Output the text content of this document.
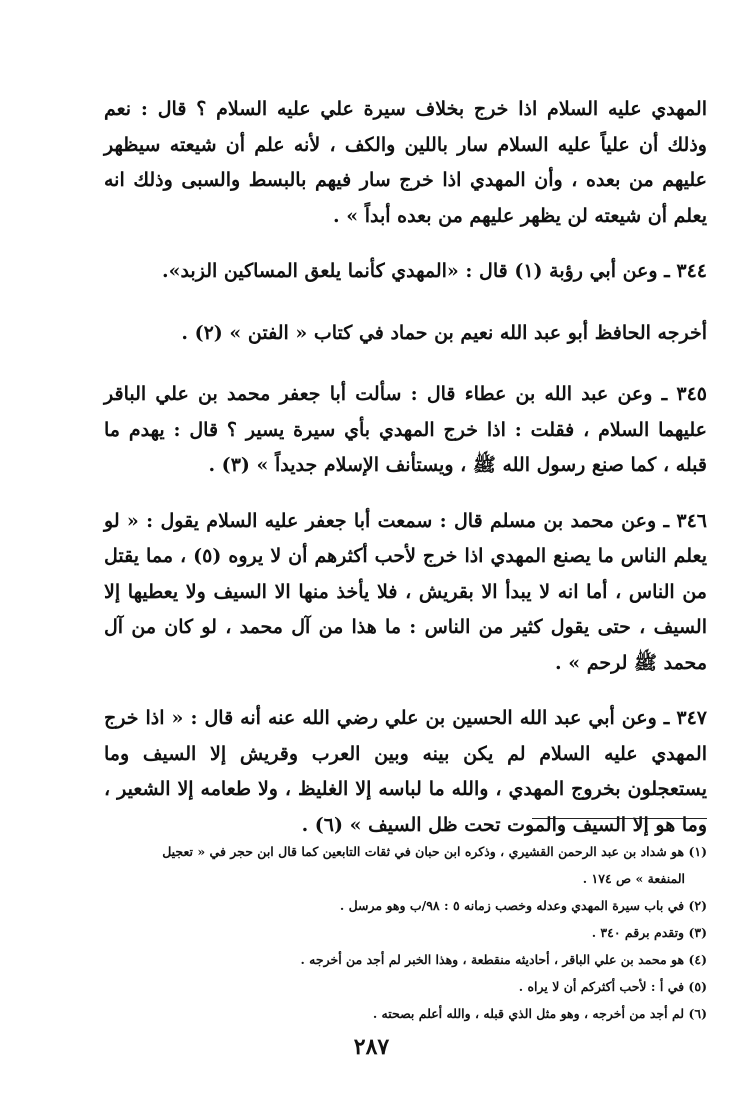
المهدي عليه السلام اذا خرج بخلاف سيرة علي عليه السلام ؟ قال : نعم وذلك أن علياً عليه السلام سار باللين والكف ، لأنه علم أن شيعته سيظهر عليهم من بعده ، وأن المهدي اذا خرج سار فيهم بالبسط والسبى وذلك انه يعلم أن شيعته لن يظهر عليهم من بعده أبداً » .

٣٤٤ ـ وعن أبي رؤبة (١) قال : «المهدي كأنما يلعق المساكين الزبد».

أخرجه الحافظ أبو عبد الله نعيم بن حماد في كتاب « الفتن » (٢) .

٣٤٥ ـ وعن عبد الله بن عطاء قال : سألت أبا جعفر محمد بن علي الباقر عليهما السلام ، فقلت : اذا خرج المهدي بأي سيرة يسير ؟ قال : يهدم ما قبله ، كما صنع رسول الله ﷺ ، ويستأنف الإسلام جديداً » (٣) .

٣٤٦ ـ وعن محمد بن مسلم قال : سمعت أبا جعفر عليه السلام يقول : « لو يعلم الناس ما يصنع المهدي اذا خرج لأحب أكثرهم أن لا يروه (٥) ، مما يقتل من الناس ، أما انه لا يبدأ الا بقريش ، فلا يأخذ منها الا السيف ولا يعطيها إلا السيف ، حتى يقول كثير من الناس : ما هذا من آل محمد ، لو كان من آل محمد ﷺ لرحم » .

٣٤٧ ـ وعن أبي عبد الله الحسين بن علي رضي الله عنه أنه قال : « اذا خرج المهدي عليه السلام لم يكن بينه وبين العرب وقريش إلا السيف وما يستعجلون بخروج المهدي ، والله ما لباسه إلا الغليظ ، ولا طعامه إلا الشعير ، وما هو إلا السيف والموت تحت ظل السيف » (٦) .

(١) هو شداد بن عبد الرحمن القشيري ، وذكره ابن حبان في ثقات التابعين كما قال ابن حجر في « تعجيل
المنفعة » ص ١٧٤ .

(٢) في باب سيرة المهدي وعدله وخصب زمانه ٥ : ٩٨/ب وهو مرسل .

(٣) وتقدم برقم ٣٤٠ .

(٤) هو محمد بن علي الباقر ، أحاديثه منقطعة ، وهذا الخبر لم أجد من أخرجه .

(٥) في أ : لأحب أكثركم أن لا يراه .

(٦) لم أجد من أخرجه ، وهو مثل الذي قبله ، والله أعلم بصحته .

٢٨٧
